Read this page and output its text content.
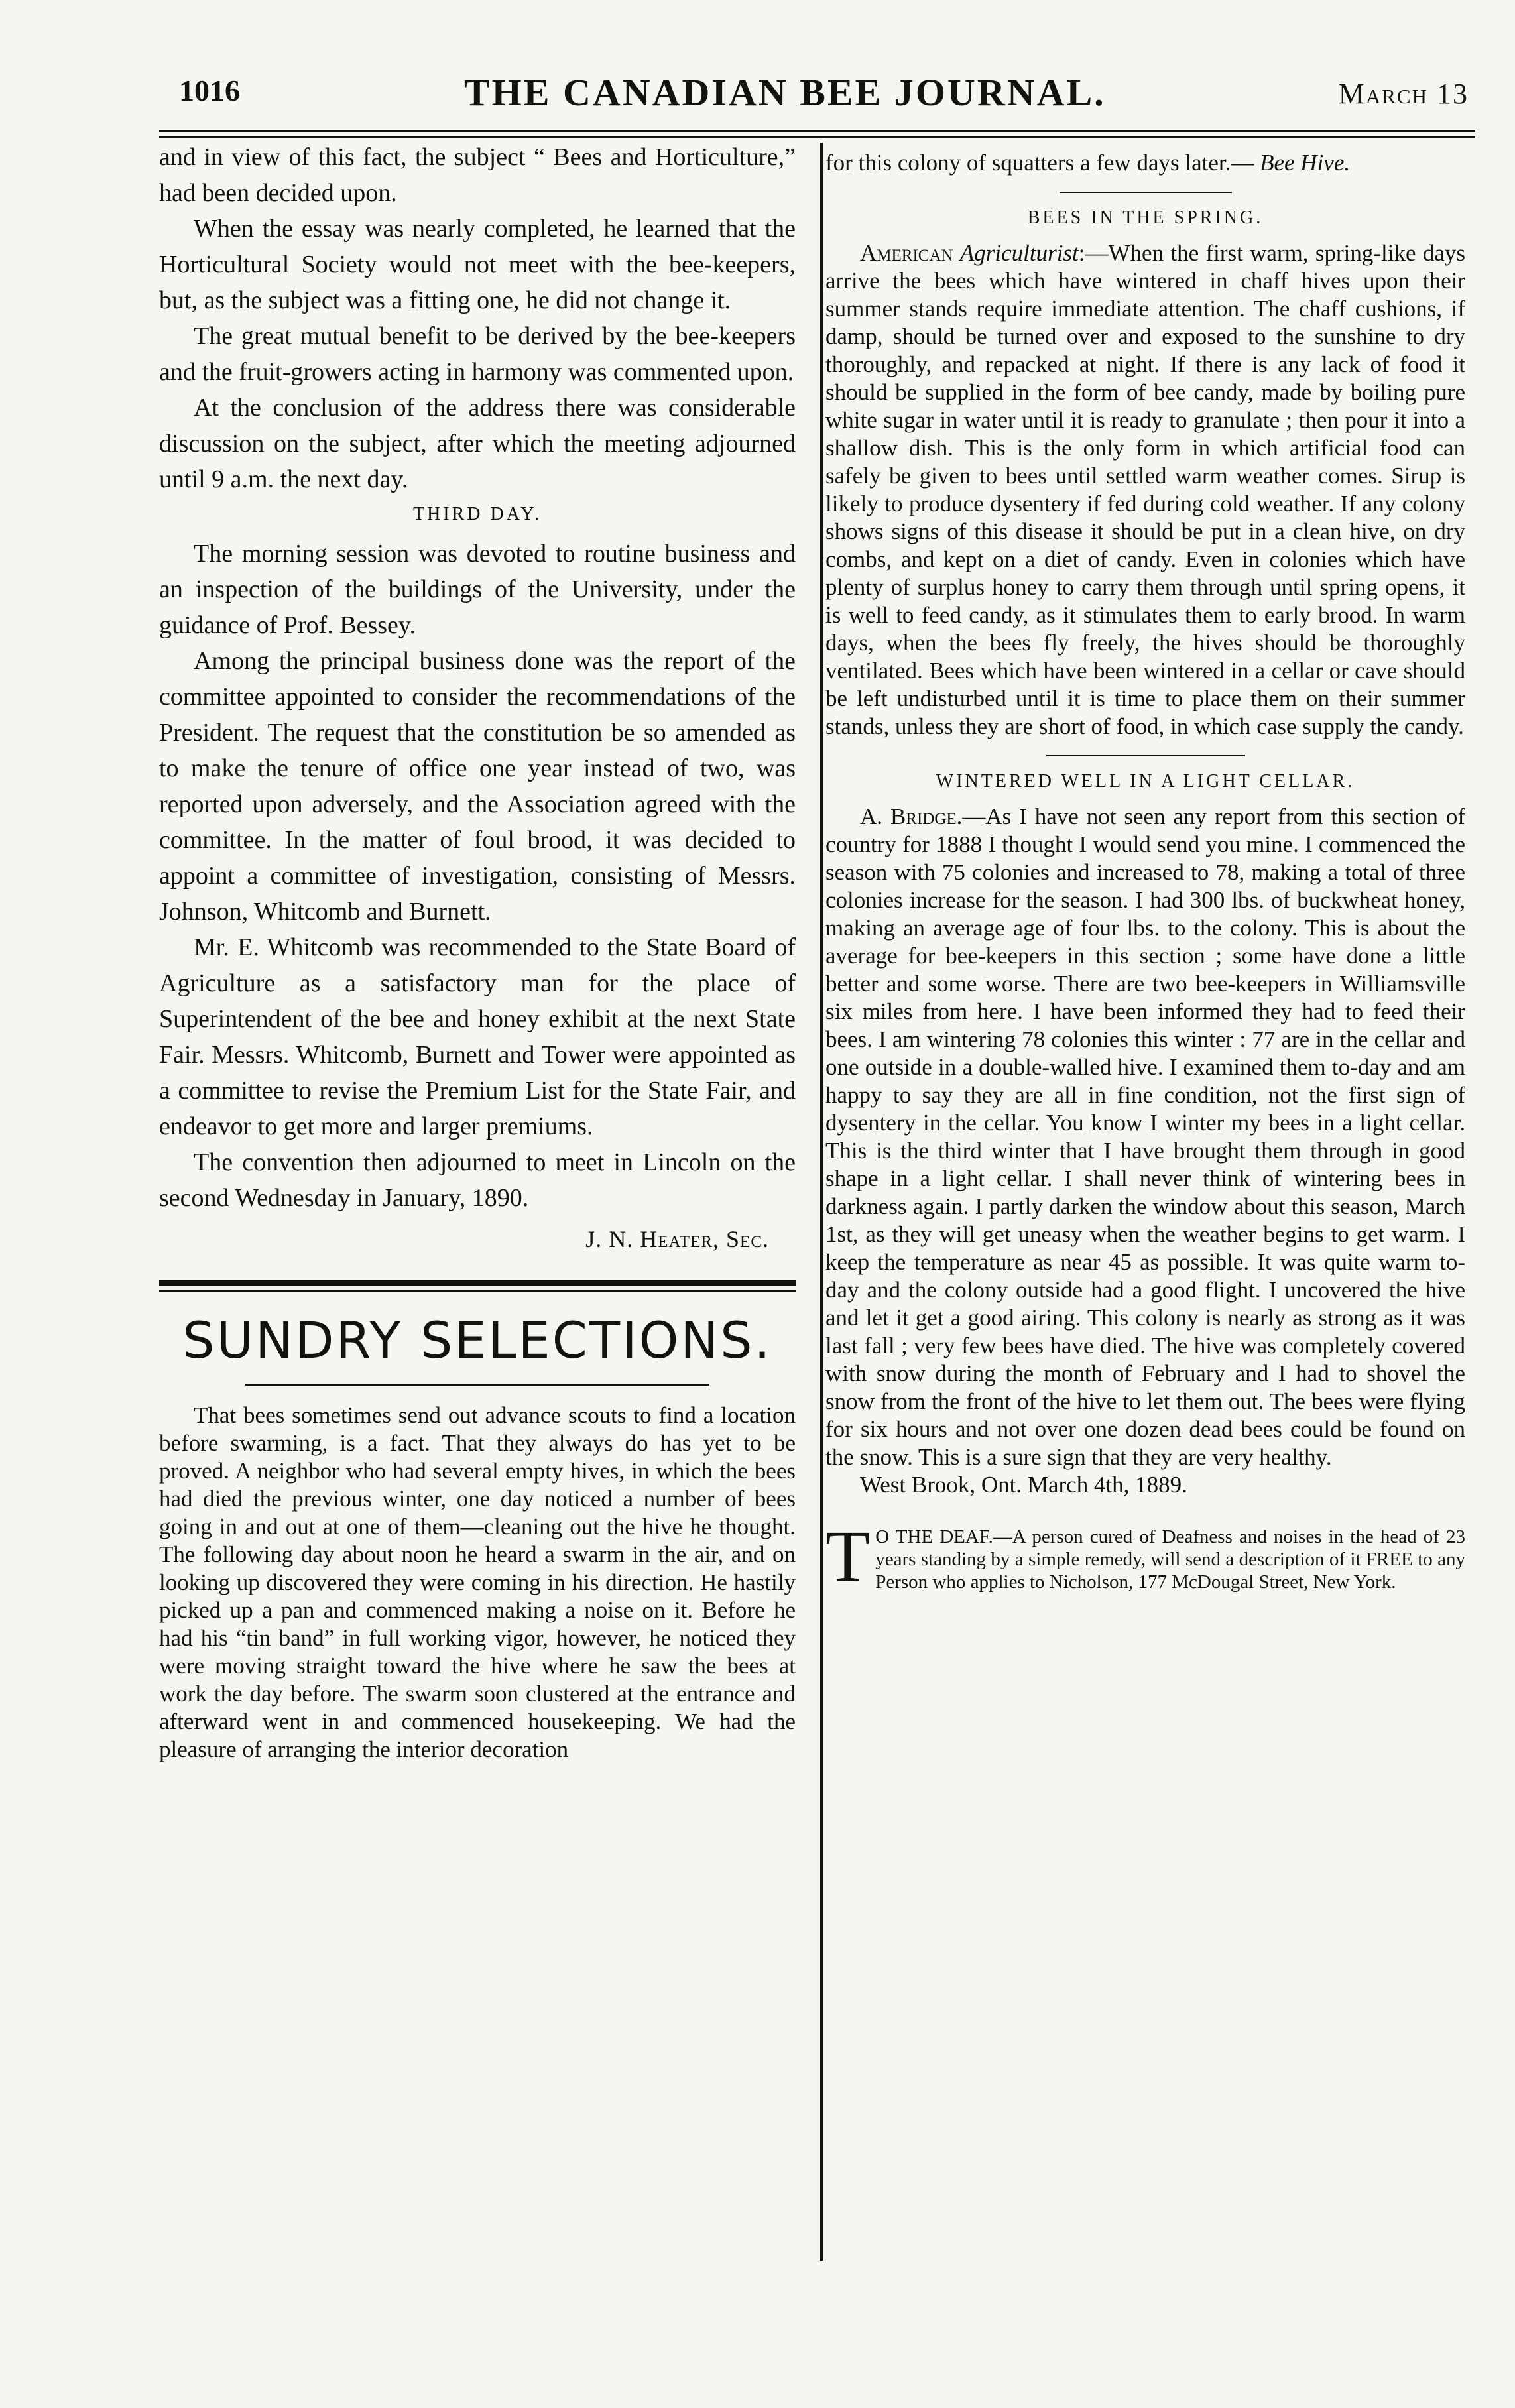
1016	THE CANADIAN BEE JOURNAL.	March 13

and in view of this fact, the subject “ Bees and Horticulture,” had been decided upon.

When the essay was nearly completed, he learned that the Horticultural Society would not meet with the bee-keepers, but, as the subject was a fitting one, he did not change it.

The great mutual benefit to be derived by the bee-keepers and the fruit-growers acting in harmony was commented upon.

At the conclusion of the address there was considerable discussion on the subject, after which the meeting adjourned until 9 a.m. the next day.

THIRD DAY.

The morning session was devoted to routine business and an inspection of the buildings of the University, under the guidance of Prof. Bessey.

Among the principal business done was the report of the committee appointed to consider the recommendations of the President. The request that the constitution be so amended as to make the tenure of office one year instead of two, was reported upon adversely, and the Association agreed with the committee. In the matter of foul brood, it was decided to appoint a committee of investigation, consisting of Messrs. Johnson, Whitcomb and Burnett.

Mr. E. Whitcomb was recommended to the State Board of Agriculture as a satisfactory man for the place of Superintendent of the bee and honey exhibit at the next State Fair. Messrs. Whitcomb, Burnett and Tower were appointed as a committee to revise the Premium List for the State Fair, and endeavor to get more and larger premiums.

The convention then adjourned to meet in Lincoln on the second Wednesday in January, 1890.

J. N. Heater, Sec.
SUNDRY SELECTIONS.

That bees sometimes send out advance scouts to find a location before swarming, is a fact. That they always do has yet to be proved. A neighbor who had several empty hives, in which the bees had died the previous winter, one day noticed a number of bees going in and out at one of them—cleaning out the hive he thought. The following day about noon he heard a swarm in the air, and on looking up discovered they were coming in his direction. He hastily picked up a pan and commenced making a noise on it. Before he had his “tin band” in full working vigor, however, he noticed they were moving straight toward the hive where he saw the bees at work the day before. The swarm soon clustered at the entrance and afterward went in and commenced housekeeping. We had the pleasure of arranging the interior decoration

for this colony of squatters a few days later.— Bee Hive.

BEES IN THE SPRING.

American Agriculturist:—When the first warm, spring-like days arrive the bees which have wintered in chaff hives upon their summer stands require immediate attention. The chaff cushions, if damp, should be turned over and exposed to the sunshine to dry thoroughly, and repacked at night. If there is any lack of food it should be supplied in the form of bee candy, made by boiling pure white sugar in water until it is ready to granulate ; then pour it into a shallow dish. This is the only form in which artificial food can safely be given to bees until settled warm weather comes. Sirup is likely to produce dysentery if fed during cold weather. If any colony shows signs of this disease it should be put in a clean hive, on dry combs, and kept on a diet of candy. Even in colonies which have plenty of surplus honey to carry them through until spring opens, it is well to feed candy, as it stimulates them to early brood. In warm days, when the bees fly freely, the hives should be thoroughly ventilated. Bees which have been wintered in a cellar or cave should be left undisturbed until it is time to place them on their summer stands, unless they are short of food, in which case supply the candy.

WINTERED WELL IN A LIGHT CELLAR.

A. Bridge.—As I have not seen any report from this section of country for 1888 I thought I would send you mine. I commenced the season with 75 colonies and increased to 78, making a total of three colonies increase for the season. I had 300 lbs. of buckwheat honey, making an average age of four lbs. to the colony. This is about the average for bee-keepers in this section ; some have done a little better and some worse. There are two bee-keepers in Williamsville six miles from here. I have been informed they had to feed their bees. I am wintering 78 colonies this winter : 77 are in the cellar and one outside in a double-walled hive. I examined them to-day and am happy to say they are all in fine condition, not the first sign of dysentery in the cellar. You know I winter my bees in a light cellar. This is the third winter that I have brought them through in good shape in a light cellar. I shall never think of wintering bees in darkness again. I partly darken the window about this season, March 1st, as they will get uneasy when the weather begins to get warm. I keep the temperature as near 45 as possible. It was quite warm to-day and the colony outside had a good flight. I uncovered the hive and let it get a good airing. This colony is nearly as strong as it was last fall ; very few bees have died. The hive was completely covered with snow during the month of February and I had to shovel the snow from the front of the hive to let them out. The bees were flying for six hours and not over one dozen dead bees could be found on the snow. This is a sure sign that they are very healthy.

West Brook, Ont. March 4th, 1889.

T O THE DEAF.—A person cured of Deafness and noises in the head of 23 years standing by a simple remedy, will send a description of it FREE to any Person who applies to Nicholson, 177 McDougal Street, New York.
